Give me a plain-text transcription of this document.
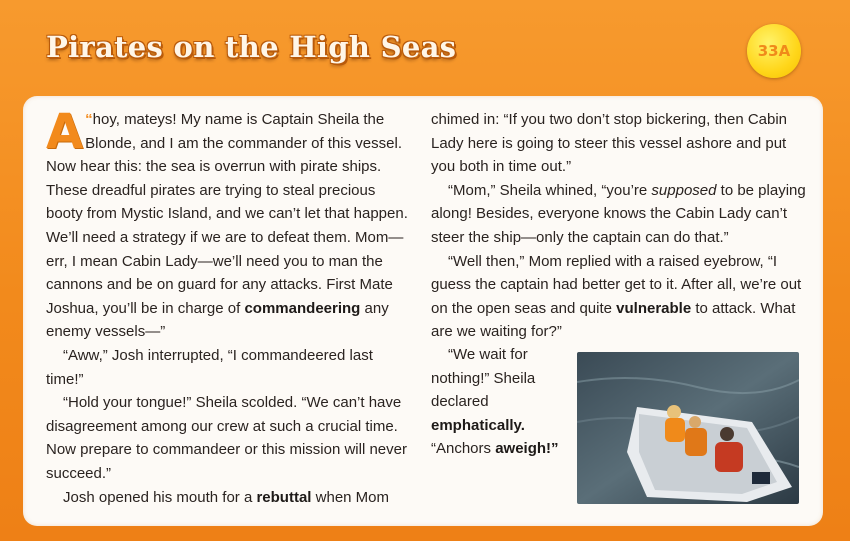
Pirates on the High Seas	33A

“
A hoy, mateys! My name is Captain Sheila the Blonde, and I am the commander of this vessel. Now hear this: the sea is overrun with pirate ships. These dreadful pirates are trying to steal precious booty from Mystic Island, and we can’t let that happen. We’ll need a strategy if we are to defeat them. Mom—err, I mean Cabin Lady—we’ll need you to man the cannons and be on guard for any attacks. First Mate Joshua, you’ll be in charge of commandeering any enemy vessels—”

“Aww,” Josh interrupted, “I commandeered last time!”

“Hold your tongue!” Sheila scolded. “We can’t have disagreement among our crew at such a crucial time. Now prepare to commandeer or this mission will never succeed.”

Josh opened his mouth for a rebuttal when Mom

chimed in: “If you two don’t stop bickering, then Cabin Lady here is going to steer this vessel ashore and put you both in time out.”

“Mom,” Sheila whined, “you’re supposed to be playing along! Besides, everyone knows the Cabin Lady can’t steer the ship—only the captain can do that.”

“Well then,” Mom replied with a raised eyebrow, “I guess the captain had better get to it. After all, we’re out on the open seas and quite vulnerable to attack. What are we waiting for?”

“We wait for nothing!” Sheila declared emphatically.

“Anchors aweigh!”
